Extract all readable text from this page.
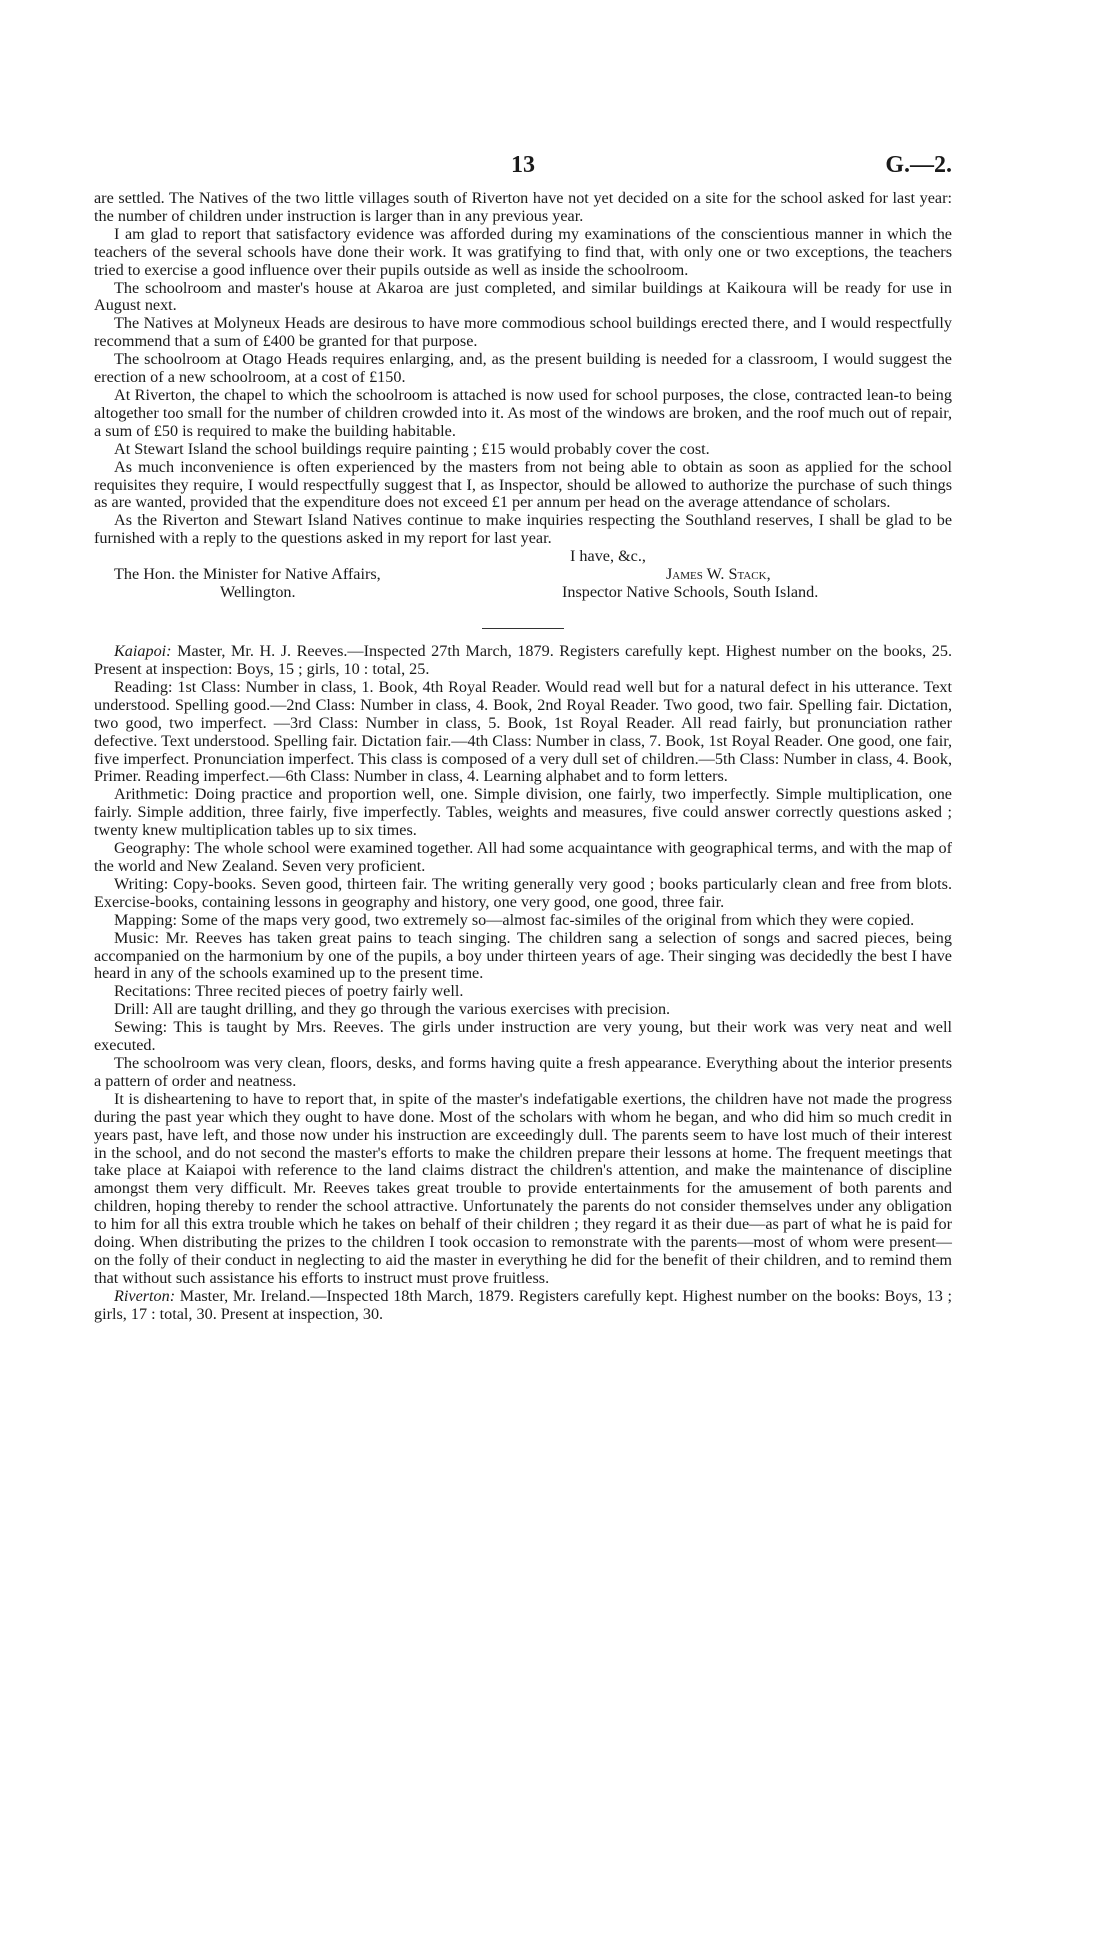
13	G.—2.

are settled. The Natives of the two little villages south of Riverton have not yet decided on a site for the school asked for last year: the number of children under instruction is larger than in any previous year.

I am glad to report that satisfactory evidence was afforded during my examinations of the conscientious manner in which the teachers of the several schools have done their work. It was gratifying to find that, with only one or two exceptions, the teachers tried to exercise a good influence over their pupils outside as well as inside the schoolroom.

The schoolroom and master's house at Akaroa are just completed, and similar buildings at Kaikoura will be ready for use in August next.

The Natives at Molyneux Heads are desirous to have more commodious school buildings erected there, and I would respectfully recommend that a sum of £400 be granted for that purpose.

The schoolroom at Otago Heads requires enlarging, and, as the present building is needed for a classroom, I would suggest the erection of a new schoolroom, at a cost of £150.

At Riverton, the chapel to which the schoolroom is attached is now used for school purposes, the close, contracted lean-to being altogether too small for the number of children crowded into it. As most of the windows are broken, and the roof much out of repair, a sum of £50 is required to make the building habitable.

At Stewart Island the school buildings require painting ; £15 would probably cover the cost.

As much inconvenience is often experienced by the masters from not being able to obtain as soon as applied for the school requisites they require, I would respectfully suggest that I, as Inspector, should be allowed to authorize the purchase of such things as are wanted, provided that the expenditure does not exceed £1 per annum per head on the average attendance of scholars.

As the Riverton and Stewart Island Natives continue to make inquiries respecting the Southland reserves, I shall be glad to be furnished with a reply to the questions asked in my report for last year.

I have, &c.,
The Hon. the Minister for Native Affairs,
Wellington.
James W. Stack,
Inspector Native Schools, South Island.

Kaiapoi: Master, Mr. H. J. Reeves.—Inspected 27th March, 1879. Registers carefully kept. Highest number on the books, 25. Present at inspection: Boys, 15 ; girls, 10 : total, 25.

Reading: 1st Class: Number in class, 1. Book, 4th Royal Reader. Would read well but for a natural defect in his utterance. Text understood. Spelling good.—2nd Class: Number in class, 4. Book, 2nd Royal Reader. Two good, two fair. Spelling fair. Dictation, two good, two imperfect. —3rd Class: Number in class, 5. Book, 1st Royal Reader. All read fairly, but pronunciation rather defective. Text understood. Spelling fair. Dictation fair.—4th Class: Number in class, 7. Book, 1st Royal Reader. One good, one fair, five imperfect. Pronunciation imperfect. This class is composed of a very dull set of children.—5th Class: Number in class, 4. Book, Primer. Reading imperfect.—6th Class: Number in class, 4. Learning alphabet and to form letters.

Arithmetic: Doing practice and proportion well, one. Simple division, one fairly, two imperfectly. Simple multiplication, one fairly. Simple addition, three fairly, five imperfectly. Tables, weights and measures, five could answer correctly questions asked ; twenty knew multiplication tables up to six times.

Geography: The whole school were examined together. All had some acquaintance with geographical terms, and with the map of the world and New Zealand. Seven very proficient.

Writing: Copy-books. Seven good, thirteen fair. The writing generally very good ; books particularly clean and free from blots. Exercise-books, containing lessons in geography and history, one very good, one good, three fair.

Mapping: Some of the maps very good, two extremely so—almost fac-similes of the original from which they were copied.

Music: Mr. Reeves has taken great pains to teach singing. The children sang a selection of songs and sacred pieces, being accompanied on the harmonium by one of the pupils, a boy under thirteen years of age. Their singing was decidedly the best I have heard in any of the schools examined up to the present time.

Recitations: Three recited pieces of poetry fairly well.

Drill: All are taught drilling, and they go through the various exercises with precision.

Sewing: This is taught by Mrs. Reeves. The girls under instruction are very young, but their work was very neat and well executed.

The schoolroom was very clean, floors, desks, and forms having quite a fresh appearance. Everything about the interior presents a pattern of order and neatness.

It is disheartening to have to report that, in spite of the master's indefatigable exertions, the children have not made the progress during the past year which they ought to have done. Most of the scholars with whom he began, and who did him so much credit in years past, have left, and those now under his instruction are exceedingly dull. The parents seem to have lost much of their interest in the school, and do not second the master's efforts to make the children prepare their lessons at home. The frequent meetings that take place at Kaiapoi with reference to the land claims distract the children's attention, and make the maintenance of discipline amongst them very difficult. Mr. Reeves takes great trouble to provide entertainments for the amusement of both parents and children, hoping thereby to render the school attractive. Unfortunately the parents do not consider themselves under any obligation to him for all this extra trouble which he takes on behalf of their children ; they regard it as their due—as part of what he is paid for doing. When distributing the prizes to the children I took occasion to remonstrate with the parents—most of whom were present—on the folly of their conduct in neglecting to aid the master in everything he did for the benefit of their children, and to remind them that without such assistance his efforts to instruct must prove fruitless.

Riverton: Master, Mr. Ireland.—Inspected 18th March, 1879. Registers carefully kept. Highest number on the books: Boys, 13 ; girls, 17 : total, 30. Present at inspection, 30.
